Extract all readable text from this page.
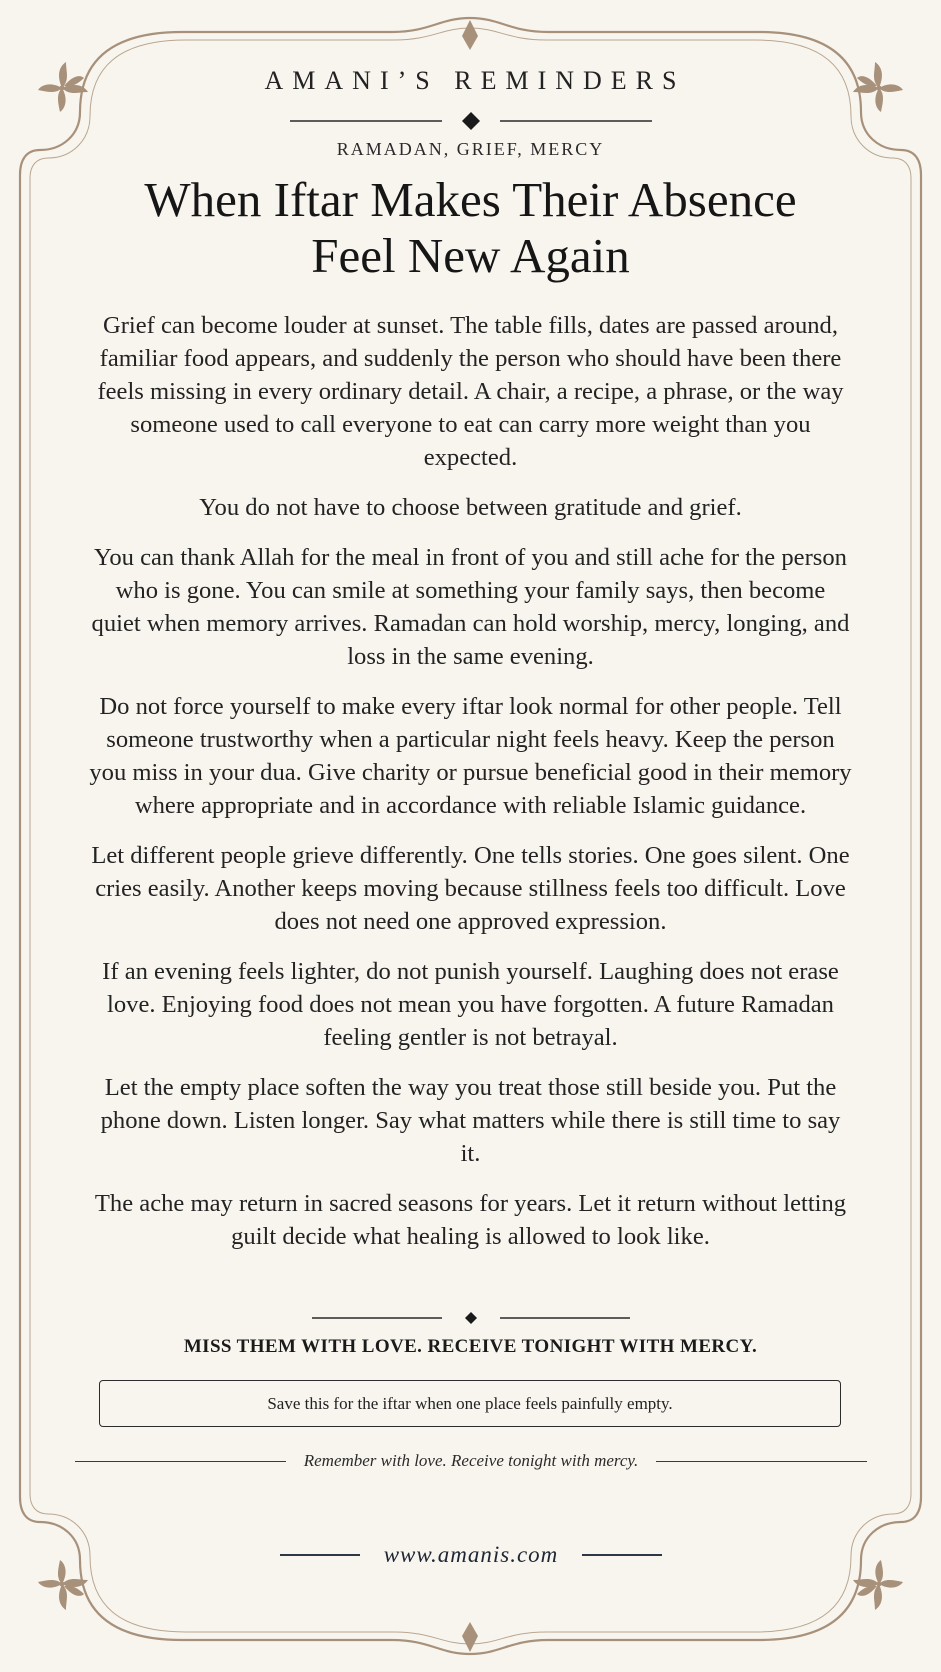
AMANI’S REMINDERS
RAMADAN, GRIEF, MERCY
When Iftar Makes Their Absence
Feel New Again

Grief can become louder at sunset. The table fills, dates are passed around, familiar food appears, and suddenly the person who should have been there feels missing in every ordinary detail. A chair, a recipe, a phrase, or the way someone used to call everyone to eat can carry more weight than you expected.

You do not have to choose between gratitude and grief.

You can thank Allah for the meal in front of you and still ache for the person who is gone. You can smile at something your family says, then become quiet when memory arrives. Ramadan can hold worship, mercy, longing, and loss in the same evening.

Do not force yourself to make every iftar look normal for other people. Tell someone trustworthy when a particular night feels heavy. Keep the person you miss in your dua. Give charity or pursue beneficial good in their memory where appropriate and in accordance with reliable Islamic guidance.

Let different people grieve differently. One tells stories. One goes silent. One cries easily. Another keeps moving because stillness feels too difficult. Love does not need one approved expression.

If an evening feels lighter, do not punish yourself. Laughing does not erase love. Enjoying food does not mean you have forgotten. A future Ramadan feeling gentler is not betrayal.

Let the empty place soften the way you treat those still beside you. Put the phone down. Listen longer. Say what matters while there is still time to say it.

The ache may return in sacred seasons for years. Let it return without letting guilt decide what healing is allowed to look like.

MISS THEM WITH LOVE. RECEIVE TONIGHT WITH MERCY.
Save this for the iftar when one place feels painfully empty.
Remember with love. Receive tonight with mercy.
www.amanis.com
